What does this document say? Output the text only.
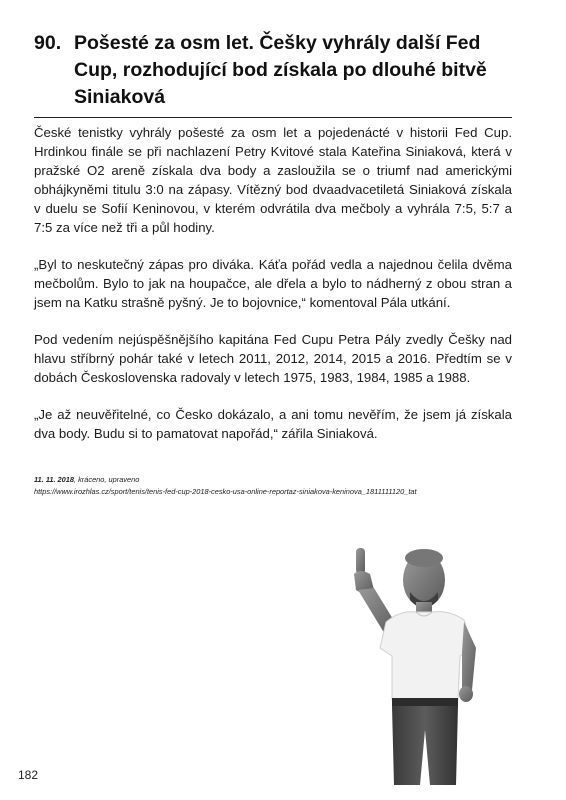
90. Pošesté za osm let. Češky vyhrály další Fed Cup, rozhodující bod získala po dlouhé bitvě Siniaková

České tenistky vyhrály pošesté za osm let a pojedenácté v historii Fed Cup. Hrdinkou finále se při nachlazení Petry Kvitové stala Kateřina Siniaková, která v pražské O2 areně získala dva body a zasloužila se o triumf nad americkými obhájkyněmi titulu 3:0 na zápasy. Vítězný bod dvaadvacetiletá Siniaková získala v duelu se Sofií Keninovou, v kterém odvrátila dva mečboly a vyhrála 7:5, 5:7 a 7:5 za více než tři a půl hodiny.

„Byl to neskutečný zápas pro diváka. Káťa pořád vedla a najednou čelila dvěma mečbolům. Bylo to jak na houpačce, ale dřela a bylo to nádherný z obou stran a jsem na Katku strašně pyšný. Je to bojovnice,“ komentoval Pála utkání.

Pod vedením nejúspěšnějšího kapitána Fed Cupu Petra Pály zvedly Češky nad hlavu stříbrný pohár také v letech 2011, 2012, 2014, 2015 a 2016. Předtím se v dobách Československa radovaly v letech 1975, 1983, 1984, 1985 a 1988.

„Je až neuvěřitelné, co Česko dokázalo, a ani tomu nevěřím, že jsem já získala dva body. Budu si to pamatovat napořád,“ zářila Siniaková.

11. 11. 2018, kráceno, upraveno
https://www.irozhlas.cz/sport/tenis/tenis-fed-cup-2018-cesko-usa-online-reportaz-siniakova-keninova_1811111120_tat
182
